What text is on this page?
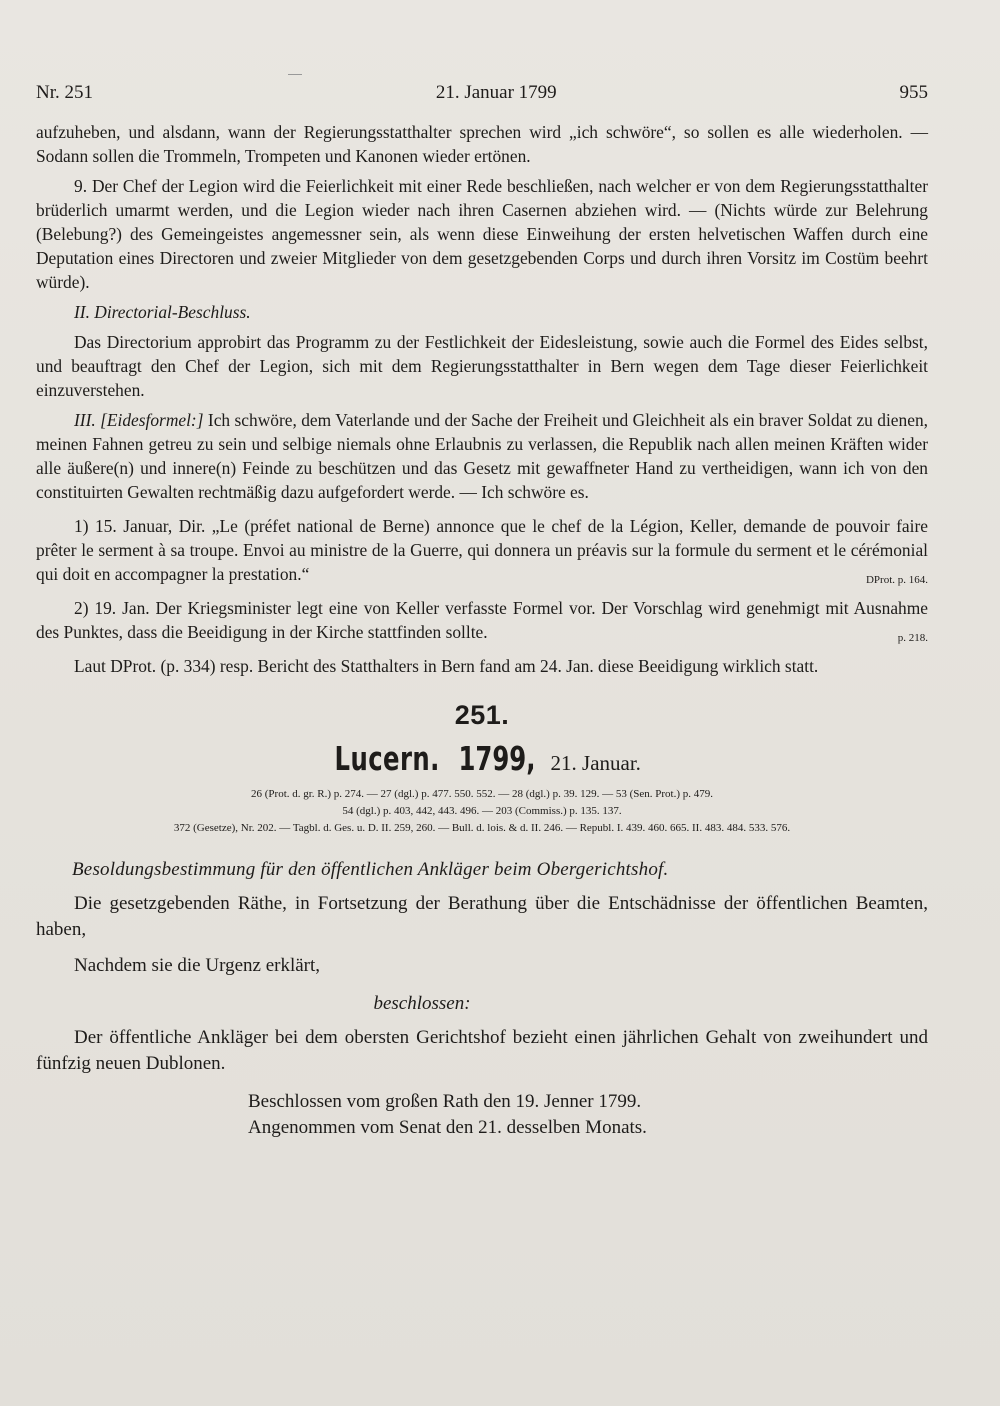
Nr. 251	21. Januar 1799	955

aufzuheben, und alsdann, wann der Regierungsstatthalter sprechen wird „ich schwöre“, so sollen es alle wiederholen. — Sodann sollen die Trommeln, Trompeten und Kanonen wieder ertönen.

9. Der Chef der Legion wird die Feierlichkeit mit einer Rede beschließen, nach welcher er von dem Regierungsstatthalter brüderlich umarmt werden, und die Legion wieder nach ihren Casernen abziehen wird. — (Nichts würde zur Belehrung (Belebung?) des Gemeingeistes angemessner sein, als wenn diese Einweihung der ersten helvetischen Waffen durch eine Deputation eines Directoren und zweier Mitglieder von dem gesetzgebenden Corps und durch ihren Vorsitz im Costüm beehrt würde).

II. Directorial-Beschluss.

Das Directorium approbirt das Programm zu der Festlichkeit der Eidesleistung, sowie auch die Formel des Eides selbst, und beauftragt den Chef der Legion, sich mit dem Regierungsstatthalter in Bern wegen dem Tage dieser Feierlichkeit einzuverstehen.

III. [Eidesformel:] Ich schwöre, dem Vaterlande und der Sache der Freiheit und Gleichheit als ein braver Soldat zu dienen, meinen Fahnen getreu zu sein und selbige niemals ohne Erlaubnis zu verlassen, die Republik nach allen meinen Kräften wider alle äußere(n) und innere(n) Feinde zu beschützen und das Gesetz mit gewaffneter Hand zu vertheidigen, wann ich von den constituirten Gewalten rechtmäßig dazu aufgefordert werde. — Ich schwöre es.

1) 15. Januar, Dir. „Le (préfet national de Berne) annonce que le chef de la Légion, Keller, demande de pouvoir faire prêter le serment à sa troupe. Envoi au ministre de la Guerre, qui donnera un préavis sur la formule du serment et le cérémonial qui doit en accompagner la prestation.“	DProt. p. 164.

2) 19. Jan. Der Kriegsminister legt eine von Keller verfasste Formel vor. Der Vorschlag wird genehmigt mit Ausnahme des Punktes, dass die Beeidigung in der Kirche stattfinden sollte.	p. 218.

Laut DProt. (p. 334) resp. Bericht des Statthalters in Bern fand am 24. Jan. diese Beeidigung wirklich statt.

251.
Lucern. 1799, 21. Januar.
26 (Prot. d. gr. R.) p. 274. — 27 (dgl.) p. 477. 550. 552. — 28 (dgl.) p. 39. 129. — 53 (Sen. Prot.) p. 479.
54 (dgl.) p. 403, 442, 443. 496. — 203 (Commiss.) p. 135. 137.
372 (Gesetze), Nr. 202. — Tagbl. d. Ges. u. D. II. 259, 260. — Bull. d. lois. & d. II. 246. — Republ. I. 439. 460. 665. II. 483. 484. 533. 576.
Besoldungsbestimmung für den öffentlichen Ankläger beim Obergerichtshof.

Die gesetzgebenden Räthe, in Fortsetzung der Berathung über die Entschädnisse der öffentlichen Beamten, haben,

Nachdem sie die Urgenz erklärt,

beschlossen:

Der öffentliche Ankläger bei dem obersten Gerichtshof bezieht einen jährlichen Gehalt von zweihundert und fünfzig neuen Dublonen.

Beschlossen vom großen Rath den 19. Jenner 1799.
Angenommen vom Senat den 21. desselben Monats.
